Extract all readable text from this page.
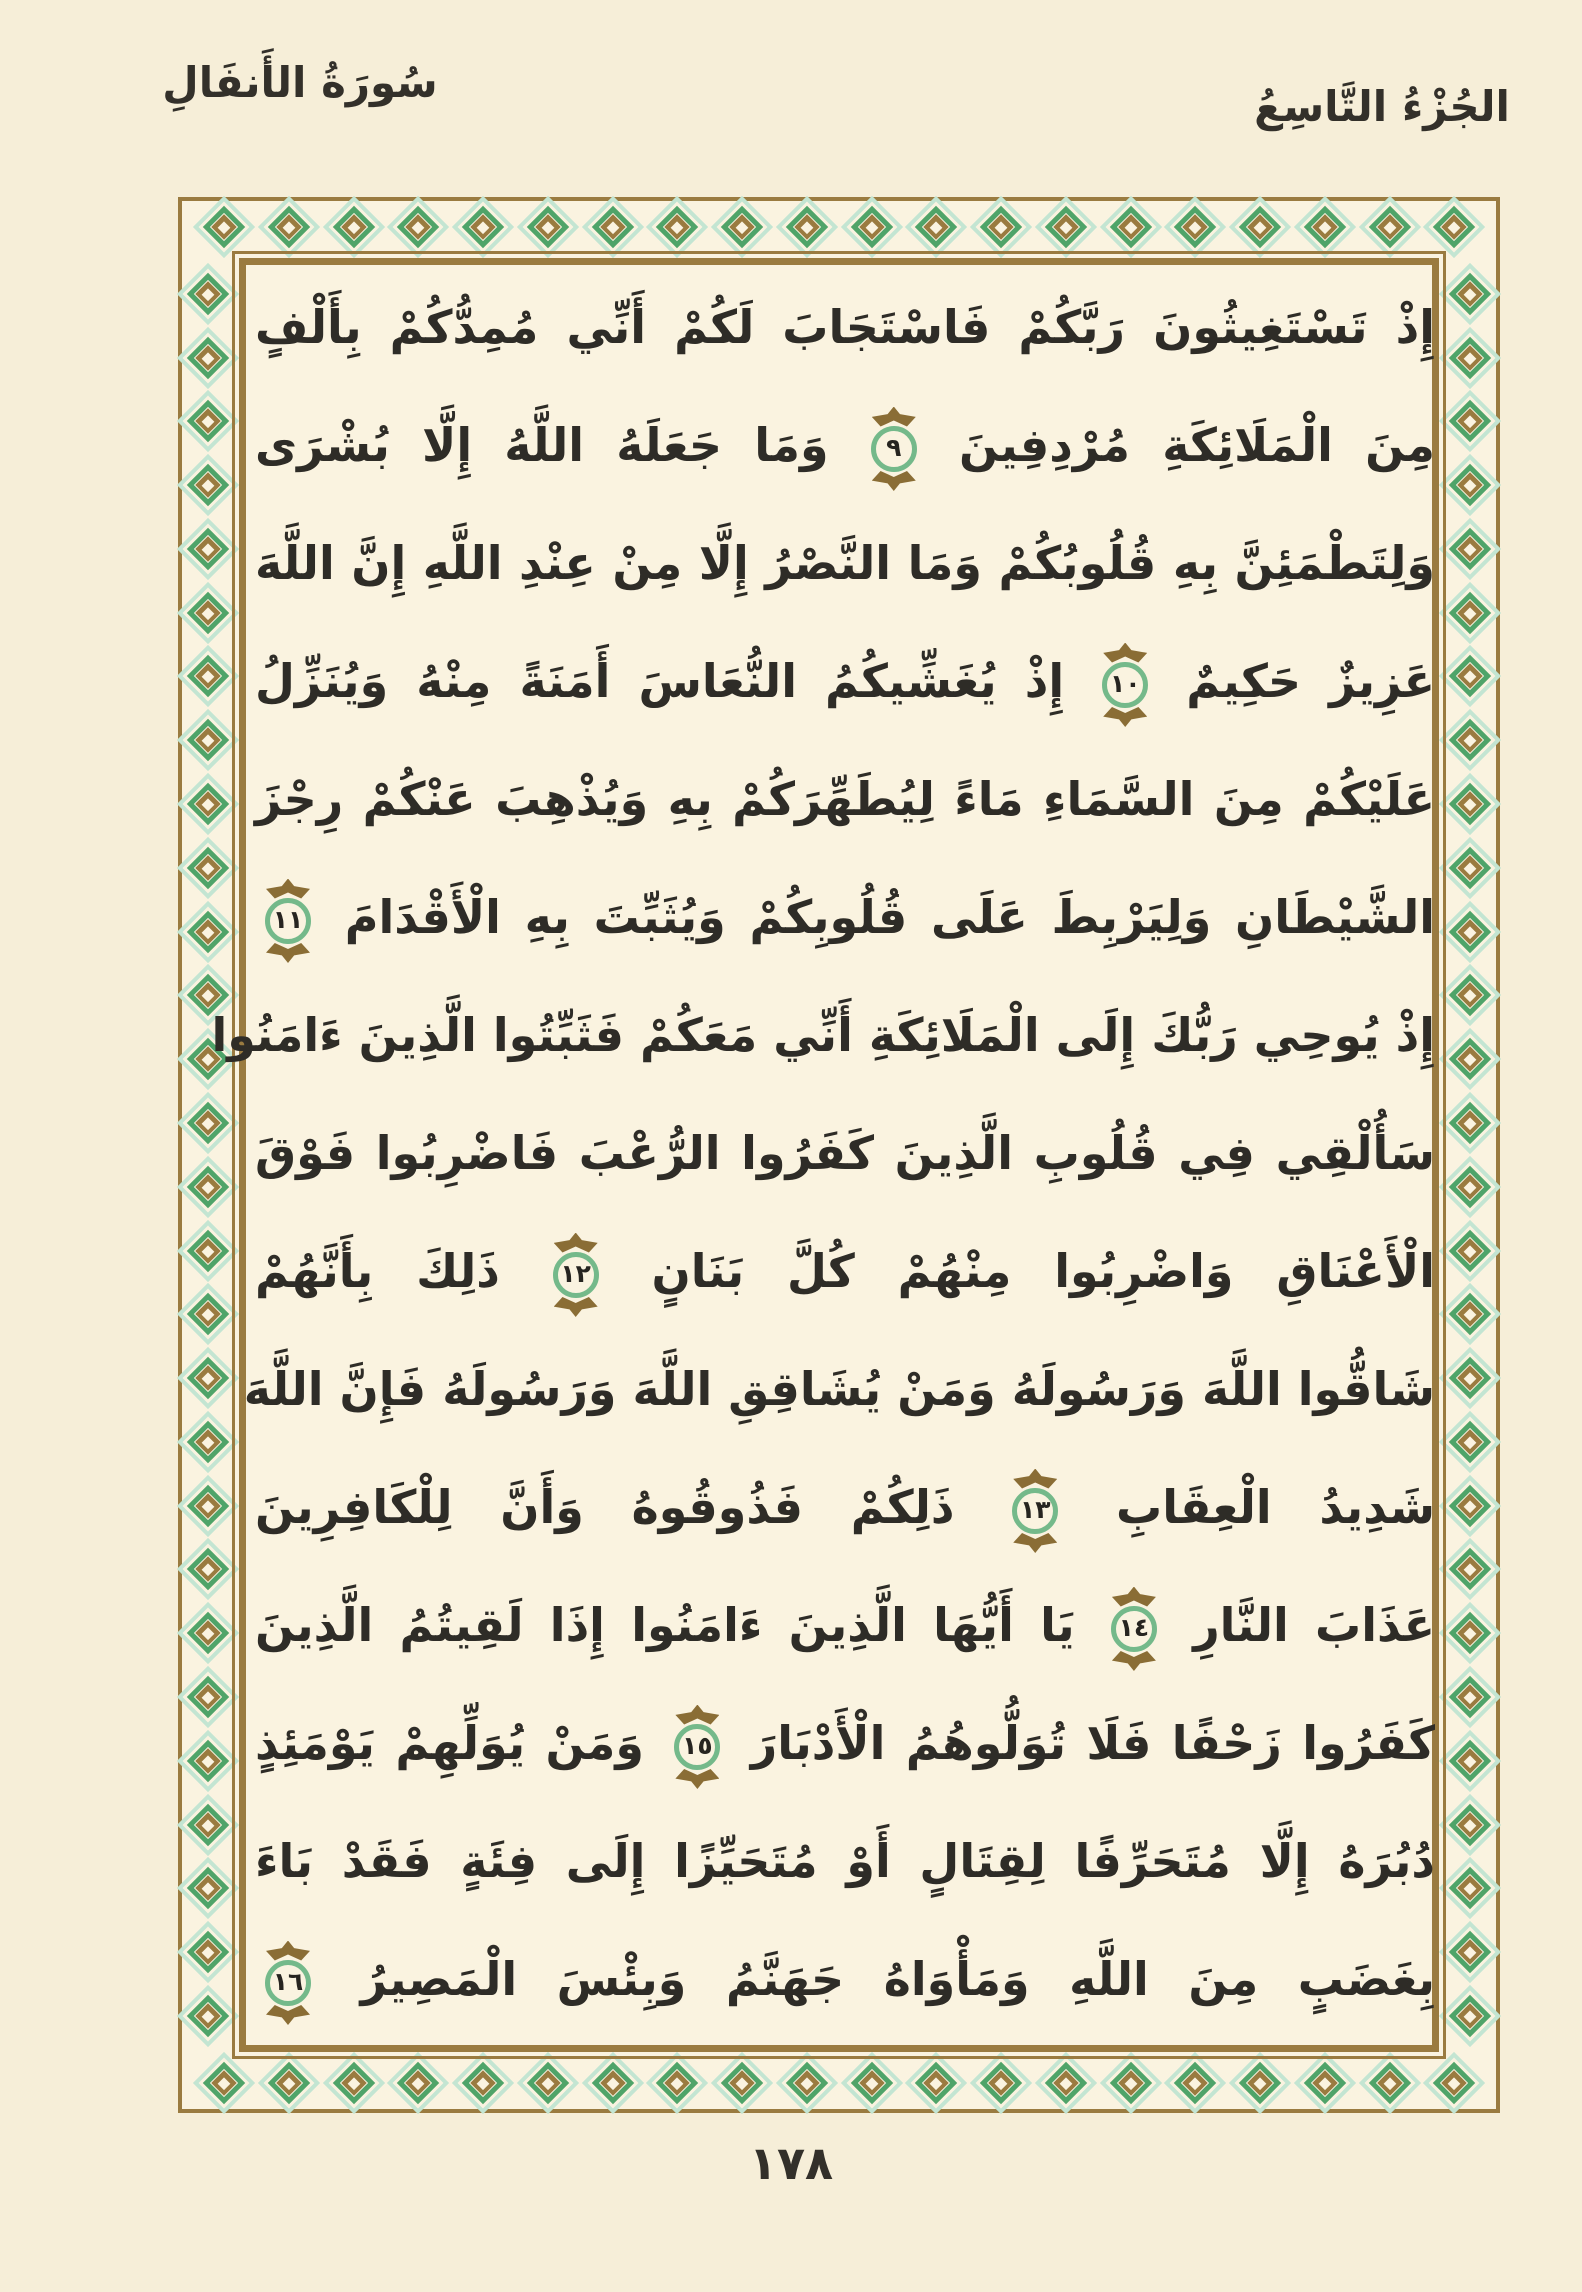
سُورَةُ الأَنفَالِ	الجُزْءُ التَّاسِعُ
إِذْ تَسْتَغِيثُونَ رَبَّكُمْ فَاسْتَجَابَ لَكُمْ أَنِّي مُمِدُّكُمْ بِأَلْفٍ
مِنَ الْمَلَائِكَةِ مُرْدِفِينَ
٩
وَمَا جَعَلَهُ اللَّهُ إِلَّا بُشْرَى
وَلِتَطْمَئِنَّ بِهِ قُلُوبُكُمْ وَمَا النَّصْرُ إِلَّا مِنْ عِنْدِ اللَّهِ إِنَّ اللَّهَ
عَزِيزٌ حَكِيمٌ
١٠
إِذْ يُغَشِّيكُمُ النُّعَاسَ أَمَنَةً مِنْهُ وَيُنَزِّلُ
عَلَيْكُمْ مِنَ السَّمَاءِ مَاءً لِيُطَهِّرَكُمْ بِهِ وَيُذْهِبَ عَنْكُمْ رِجْزَ
الشَّيْطَانِ وَلِيَرْبِطَ عَلَى قُلُوبِكُمْ وَيُثَبِّتَ بِهِ الْأَقْدَامَ
١١
إِذْ يُوحِي رَبُّكَ إِلَى الْمَلَائِكَةِ أَنِّي مَعَكُمْ فَثَبِّتُوا الَّذِينَ ءَامَنُوا
سَأُلْقِي فِي قُلُوبِ الَّذِينَ كَفَرُوا الرُّعْبَ فَاضْرِبُوا فَوْقَ
الْأَعْنَاقِ وَاضْرِبُوا مِنْهُمْ كُلَّ بَنَانٍ
١٢
ذَلِكَ بِأَنَّهُمْ
شَاقُّوا اللَّهَ وَرَسُولَهُ وَمَنْ يُشَاقِقِ اللَّهَ وَرَسُولَهُ فَإِنَّ اللَّهَ
شَدِيدُ الْعِقَابِ
١٣
ذَلِكُمْ فَذُوقُوهُ وَأَنَّ لِلْكَافِرِينَ
عَذَابَ النَّارِ
١٤
يَا أَيُّهَا الَّذِينَ ءَامَنُوا إِذَا لَقِيتُمُ الَّذِينَ
كَفَرُوا زَحْفًا فَلَا تُوَلُّوهُمُ الْأَدْبَارَ
١٥
وَمَنْ يُوَلِّهِمْ يَوْمَئِذٍ
دُبُرَهُ إِلَّا مُتَحَرِّفًا لِقِتَالٍ أَوْ مُتَحَيِّزًا إِلَى فِئَةٍ فَقَدْ بَاءَ
بِغَضَبٍ مِنَ اللَّهِ وَمَأْوَاهُ جَهَنَّمُ وَبِئْسَ الْمَصِيرُ
١٦
١٧٨
